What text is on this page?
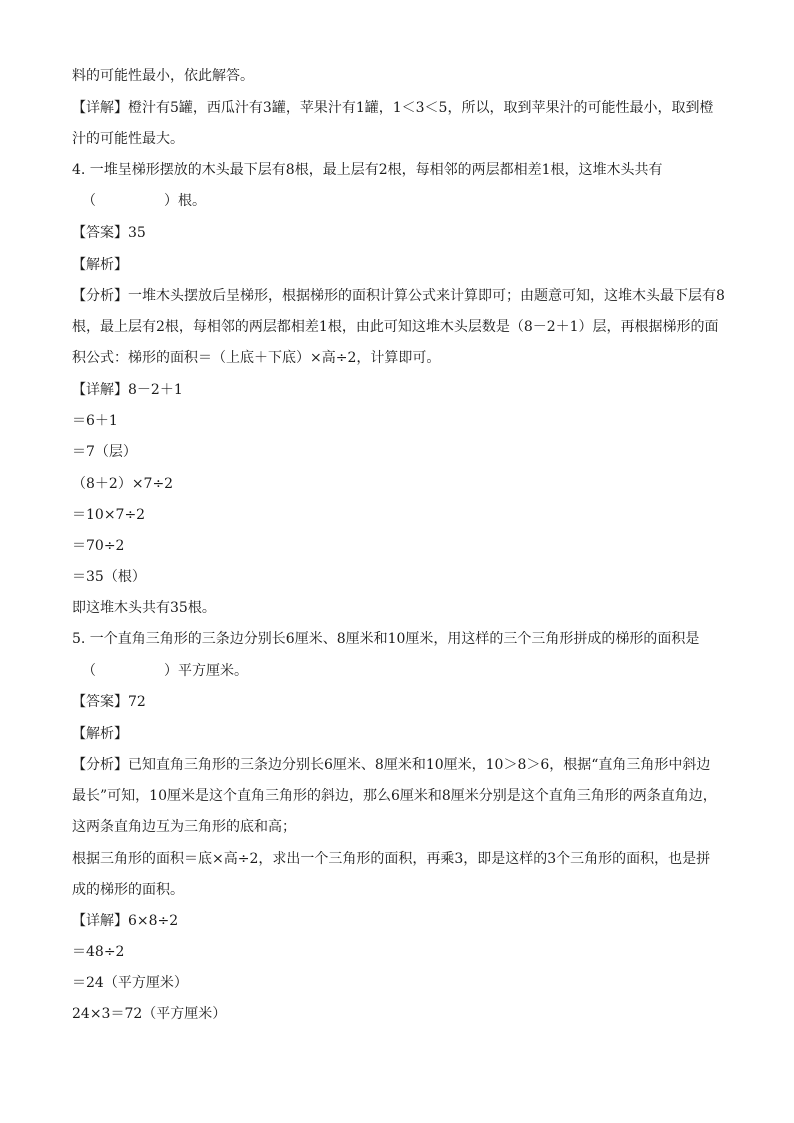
料的可能性最小，依此解答。
【详解】橙汁有5罐，西瓜汁有3罐，苹果汁有1罐，1＜3＜5，所以，取到苹果汁的可能性最小，取到橙
汁的可能性最大。
4. 一堆呈梯形摆放的木头最下层有8根，最上层有2根，每相邻的两层都相差1根，这堆木头共有
（	）根。
【答案】35
【解析】
【分析】一堆木头摆放后呈梯形，根据梯形的面积计算公式来计算即可；由题意可知，这堆木头最下层有8
根，最上层有2根，每相邻的两层都相差1根，由此可知这堆木头层数是（8－2＋1）层，再根据梯形的面
积公式：梯形的面积＝（上底＋下底）×高÷2，计算即可。
【详解】8－2＋1
＝6＋1
＝7（层）
（8＋2）×7÷2
＝10×7÷2
＝70÷2
＝35（根）
即这堆木头共有35根。
5. 一个直角三角形的三条边分别长6厘米、8厘米和10厘米，用这样的三个三角形拼成的梯形的面积是
（	）平方厘米。
【答案】72
【解析】
【分析】已知直角三角形的三条边分别长6厘米、8厘米和10厘米，10＞8＞6，根据“直角三角形中斜边
最长”可知，10厘米是这个直角三角形的斜边，那么6厘米和8厘米分别是这个直角三角形的两条直角边，
这两条直角边互为三角形的底和高；
根据三角形的面积＝底×高÷2，求出一个三角形的面积，再乘3，即是这样的3个三角形的面积，也是拼
成的梯形的面积。
【详解】6×8÷2
＝48÷2
＝24（平方厘米）
24×3＝72（平方厘米）
